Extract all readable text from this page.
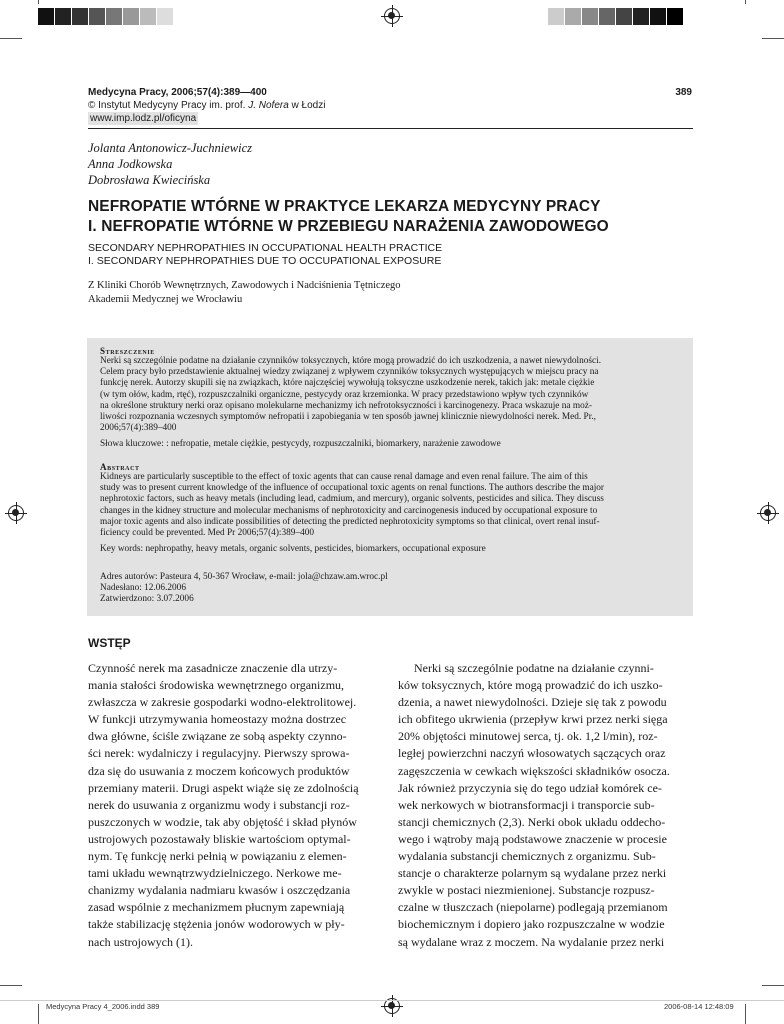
Medycyna Pracy, 2006;57(4):389—400	389
© Instytut Medycyny Pracy im. prof. J. Nofera w Łodzi
www.imp.lodz.pl/oficyna
Jolanta Antonowicz-Juchniewicz
Anna Jodkowska
Dobrosława Kwiecińska
NEFROPATIE WTÓRNE W PRAKTYCE LEKARZA MEDYCYNY PRACY
I. NEFROPATIE WTÓRNE W PRZEBIEGU NARAŻENIA ZAWODOWEGO
SECONDARY NEPHROPATHIES IN OCCUPATIONAL HEALTH PRACTICE
I. SECONDARY NEPHROPATHIES DUE TO OCCUPATIONAL EXPOSURE
Z Kliniki Chorób Wewnętrznych, Zawodowych i Nadciśnienia Tętniczego
Akademii Medycznej we Wrocławiu
Streszczenie
Nerki są szczególnie podatne na działanie czynników toksycznych, które mogą prowadzić do ich uszkodzenia, a nawet niewydolności.
Celem pracy było przedstawienie aktualnej wiedzy związanej z wpływem czynników toksycznych występujących w miejscu pracy na
funkcję nerek. Autorzy skupili się na związkach, które najczęściej wywołują toksyczne uszkodzenie nerek, takich jak: metale ciężkie
(w tym ołów, kadm, rtęć), rozpuszczalniki organiczne, pestycydy oraz krzemionka. W pracy przedstawiono wpływ tych czynników
na określone struktury nerki oraz opisano molekularne mechanizmy ich nefrotoksyczności i karcinogenezy. Praca wskazuje na moż-
liwości rozpoznania wczesnych symptomów nefropatii i zapobiegania w ten sposób jawnej klinicznie niewydolności nerek. Med. Pr.,
2006;57(4):389–400
Słowa kluczowe: : nefropatie, metale ciężkie, pestycydy, rozpuszczalniki, biomarkery, narażenie zawodowe
Abstract
Kidneys are particularly susceptible to the effect of toxic agents that can cause renal damage and even renal failure. The aim of this
study was to present current knowledge of the influence of occupational toxic agents on renal functions. The authors describe the major
nephrotoxic factors, such as heavy metals (including lead, cadmium, and mercury), organic solvents, pesticides and silica. They discuss
changes in the kidney structure and molecular mechanisms of nephrotoxicity and carcinogenesis induced by occupational exposure to
major toxic agents and also indicate possibilities of detecting the predicted nephrotoxicity symptoms so that clinical, overt renal insuf-
ficiency could be prevented. Med Pr 2006;57(4):389–400
Key words: nephropathy, heavy metals, organic solvents, pesticides, biomarkers, occupational exposure
Adres autorów: Pasteura 4, 50-367 Wrocław, e-mail: jola@chzaw.am.wroc.pl
Nadesłano: 12.06.2006
Zatwierdzono: 3.07.2006
WSTĘP
Czynność nerek ma zasadnicze znaczenie dla utrzy-
mania stałości środowiska wewnętrznego organizmu,
zwłaszcza w zakresie gospodarki wodno-elektrolitowej.
W funkcji utrzymywania homeostazy można dostrzec
dwa główne, ściśle związane ze sobą aspekty czynno-
ści nerek: wydalniczy i regulacyjny. Pierwszy sprowa-
dza się do usuwania z moczem końcowych produktów
przemiany materii. Drugi aspekt wiąże się ze zdolnością
nerek do usuwania z organizmu wody i substancji roz-
puszczonych w wodzie, tak aby objętość i skład płynów
ustrojowych pozostawały bliskie wartościom optymal-
nym. Tę funkcję nerki pełnią w powiązaniu z elemen-
tami układu wewnątrzwydzielniczego. Nerkowe me-
chanizmy wydalania nadmiaru kwasów i oszczędzania
zasad wspólnie z mechanizmem płucnym zapewniają
także stabilizację stężenia jonów wodorowych w pły-
nach ustrojowych (1).
Nerki są szczególnie podatne na działanie czynni-
ków toksycznych, które mogą prowadzić do ich uszko-
dzenia, a nawet niewydolności. Dzieje się tak z powodu
ich obfitego ukrwienia (przepływ krwi przez nerki sięga
20% objętości minutowej serca, tj. ok. 1,2 l/min), roz-
ległej powierzchni naczyń włosowatych sączących oraz
zagęszczenia w cewkach większości składników osocza.
Jak również przyczynia się do tego udział komórek ce-
wek nerkowych w biotransformacji i transporcie sub-
stancji chemicznych (2,3). Nerki obok układu oddecho-
wego i wątroby mają podstawowe znaczenie w procesie
wydalania substancji chemicznych z organizmu. Sub-
stancje o charakterze polarnym są wydalane przez nerki
zwykle w postaci niezmienionej. Substancje rozpusz-
czalne w tłuszczach (niepolarne) podlegają przemianom
biochemicznym i dopiero jako rozpuszczalne w wodzie
są wydalane wraz z moczem. Na wydalanie przez nerki
Medycyna Pracy 4_2006.indd 389	2006-08-14 12:48:09
